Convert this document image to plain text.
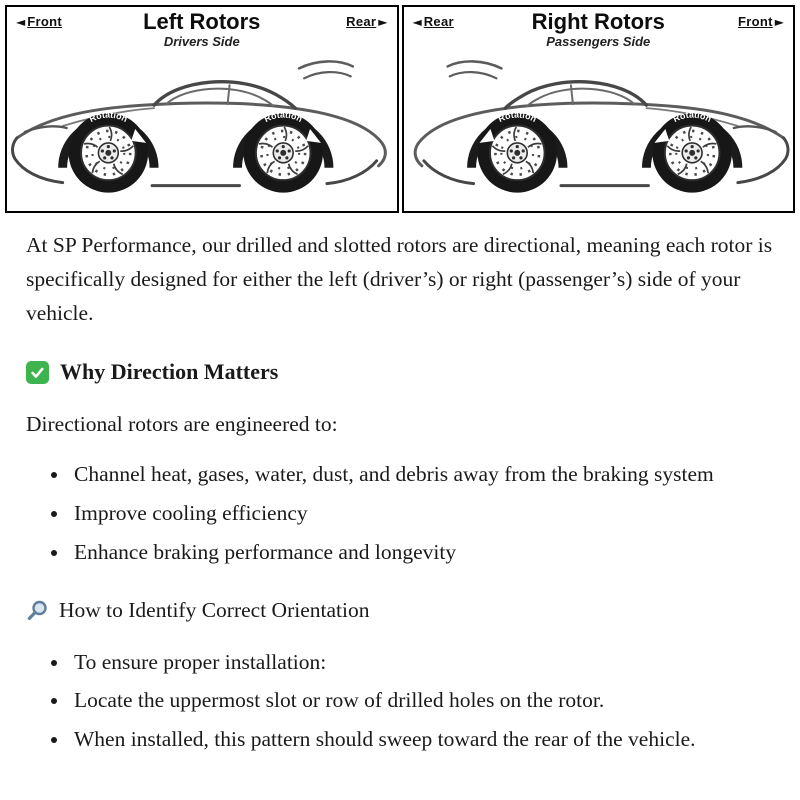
◄ Front	Left Rotors
Drivers Side
Rear ► ◄ Rear	Right Rotors
Passengers Side
Front ►

At SP Performance, our drilled and slotted rotors are directional, meaning each rotor is specifically designed for either the left (driver’s) or right (passenger’s) side of your vehicle.

Why Direction Matters

Directional rotors are engineered to:

• Channel heat, gases, water, dust, and debris away from the braking system
• Improve cooling efficiency
• Enhance braking performance and longevity
How to Identify Correct Orientation
• To ensure proper installation:
• Locate the uppermost slot or row of drilled holes on the rotor.
• When installed, this pattern should sweep toward the rear of the vehicle.
